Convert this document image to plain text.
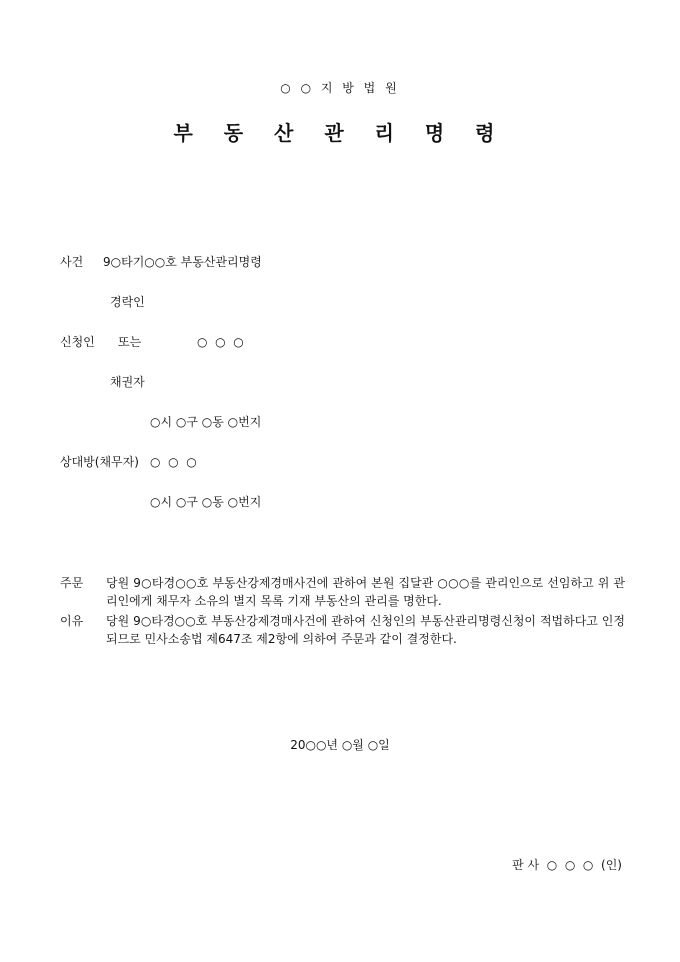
○ ○ 지 방 법 원
부 동 산 관 리 명 령
사건 9○타기○○호 부동산관리명령
경락인
신청인 또는	○  ○  ○
채권자
○시 ○구 ○동 ○번지
상대방(채무자) ○  ○  ○
○시 ○구 ○동 ○번지
주문 당원 9○타경○○호 부동산강제경매사건에 관하여 본원 집달관 ○○○를 관리인으로 선임하고 위 관리인에게 채무자 소유의 별지 목록 기재 부동산의 관리를 명한다.
이유 당원 9○타경○○호 부동산강제경매사건에 관하여 신청인의 부동산관리명령신청이 적법하다고 인정되므로 민사소송법 제647조 제2항에 의하여 주문과 같이 결정한다.
20○○년 ○월 ○일
판 사  ○  ○  ○  (인)
